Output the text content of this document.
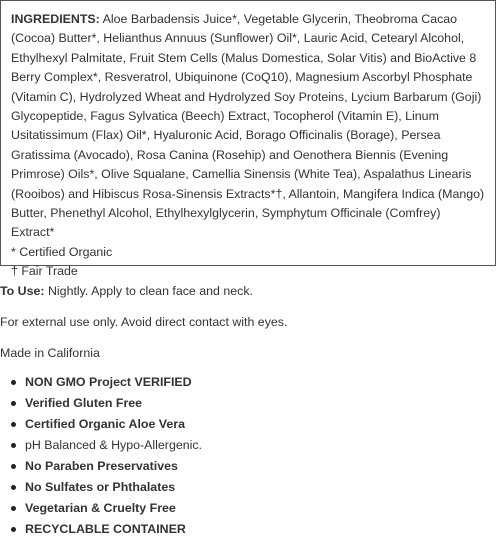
INGREDIENTS: Aloe Barbadensis Juice*, Vegetable Glycerin, Theobroma Cacao (Cocoa) Butter*, Helianthus Annuus (Sunflower) Oil*, Lauric Acid, Cetearyl Alcohol, Ethylhexyl Palmitate, Fruit Stem Cells (Malus Domestica, Solar Vitis) and BioActive 8 Berry Complex*, Resveratrol, Ubiquinone (CoQ10), Magnesium Ascorbyl Phosphate (Vitamin C), Hydrolyzed Wheat and Hydrolyzed Soy Proteins, Lycium Barbarum (Goji) Glycopeptide, Fagus Sylvatica (Beech) Extract, Tocopherol (Vitamin E), Linum Usitatissimum (Flax) Oil*, Hyaluronic Acid, Borago Officinalis (Borage), Persea Gratissima (Avocado), Rosa Canina (Rosehip) and Oenothera Biennis (Evening Primrose) Oils*, Olive Squalane, Camellia Sinensis (White Tea), Aspalathus Linearis (Rooibos) and Hibiscus Rosa-Sinensis Extracts*†, Allantoin, Mangifera Indica (Mango) Butter, Phenethyl Alcohol, Ethylhexylglycerin, Symphytum Officinale (Comfrey) Extract*

* Certified Organic

† Fair Trade

To Use: Nightly. Apply to clean face and neck.

For external use only. Avoid direct contact with eyes.

Made in California

NON GMO Project VERIFIED
Verified Gluten Free
Certified Organic Aloe Vera
pH Balanced & Hypo-Allergenic.
No Paraben Preservatives
No Sulfates or Phthalates
Vegetarian & Cruelty Free
RECYCLABLE CONTAINER
